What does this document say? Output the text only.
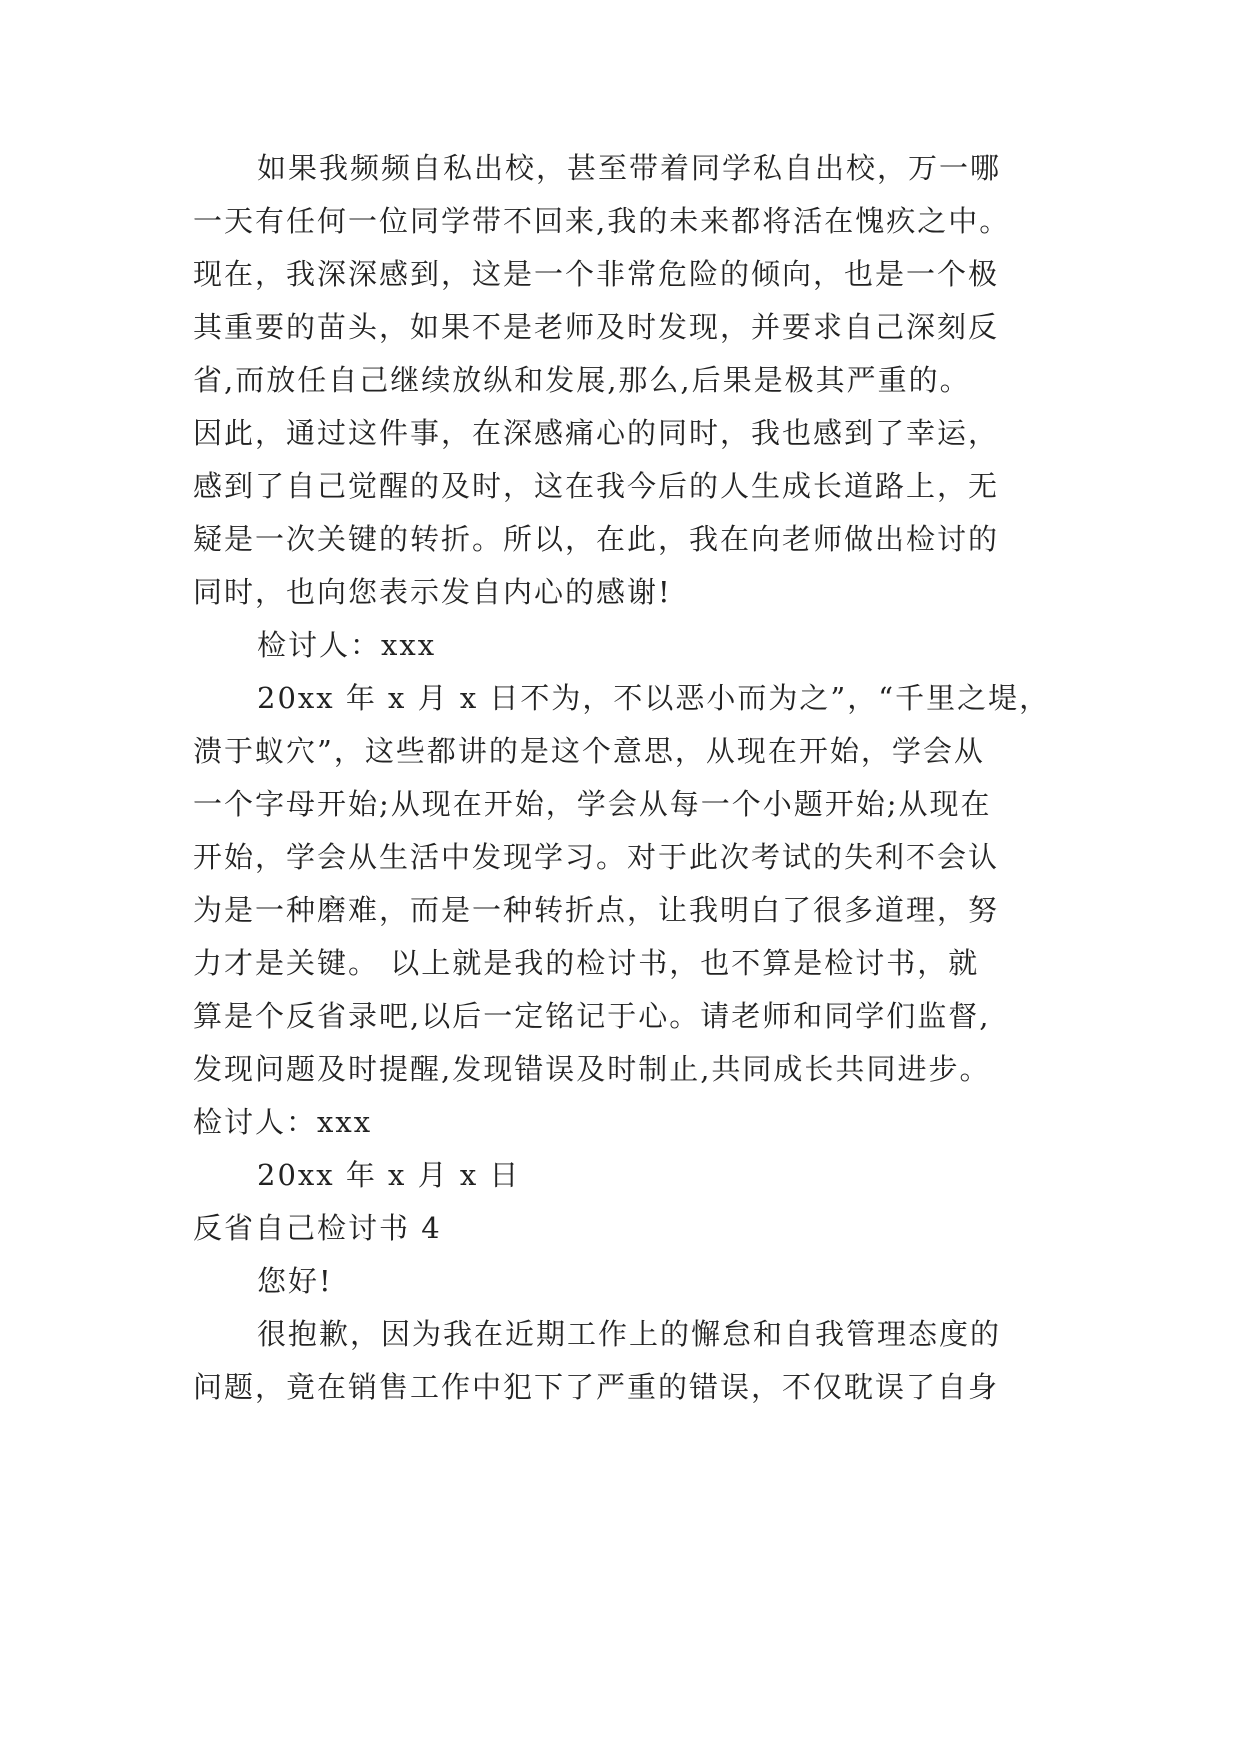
如果我频频自私出校，甚至带着同学私自出校，万一哪

一天有任何一位同学带不回来,我的未来都将活在愧疚之中。

现在，我深深感到，这是一个非常危险的倾向，也是一个极

其重要的苗头，如果不是老师及时发现，并要求自己深刻反

省,而放任自己继续放纵和发展,那么,后果是极其严重的。

因此，通过这件事，在深感痛心的同时，我也感到了幸运，

感到了自己觉醒的及时，这在我今后的人生成长道路上，无

疑是一次关键的转折。所以，在此，我在向老师做出检讨的

同时，也向您表示发自内心的感谢!

检讨人：xxx

20xx 年 x 月 x 日不为，不以恶小而为之”，“千里之堤，

溃于蚁穴”，这些都讲的是这个意思，从现在开始，学会从

一个字母开始;从现在开始，学会从每一个小题开始;从现在

开始，学会从生活中发现学习。对于此次考试的失利不会认

为是一种磨难，而是一种转折点，让我明白了很多道理，努

力才是关键。 以上就是我的检讨书，也不算是检讨书，就

算是个反省录吧,以后一定铭记于心。请老师和同学们监督,

发现问题及时提醒,发现错误及时制止,共同成长共同进步。

检讨人：xxx

20xx 年 x 月 x 日

反省自己检讨书 4

您好!

很抱歉，因为我在近期工作上的懈怠和自我管理态度的

问题，竟在销售工作中犯下了严重的错误，不仅耽误了自身
